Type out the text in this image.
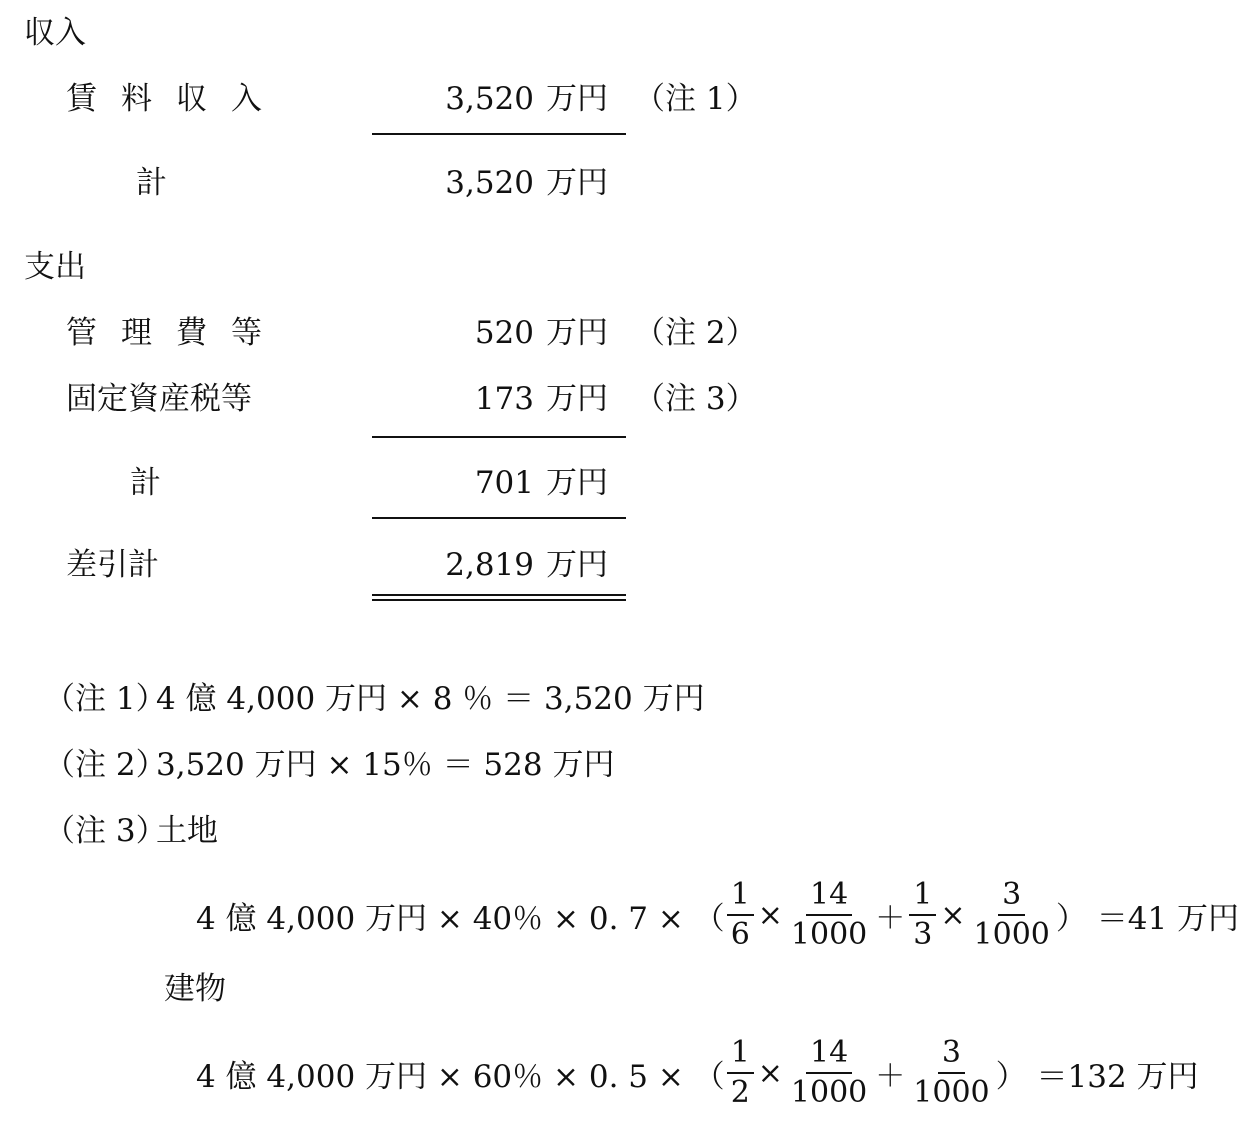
収入
賃料収入	3,520 万円 （注 1）
計	3,520 万円
支出
管理費等	520 万円 （注 2）
固定資産税等	173 万円 （注 3）
計	701 万円
差引計	2,819 万円
（注 1）
4 億 4,000 万円 × 8 ％ ＝ 3,520 万円
（注 2）
3,520 万円 × 15％ ＝ 528 万円
（注 3）
土地
4 億 4,000 万円 × 40％ × 0. 7 × （ $\frac{1}{6} \times \frac{14}{1000} + \frac{1}{3} \times \frac{3}{1000}$ ） ＝41 万円
建物
4 億 4,000 万円 × 60％ × 0. 5 × （ $\frac{1}{2} \times \frac{14}{1000} + \frac{3}{1000}$ ） ＝132 万円
